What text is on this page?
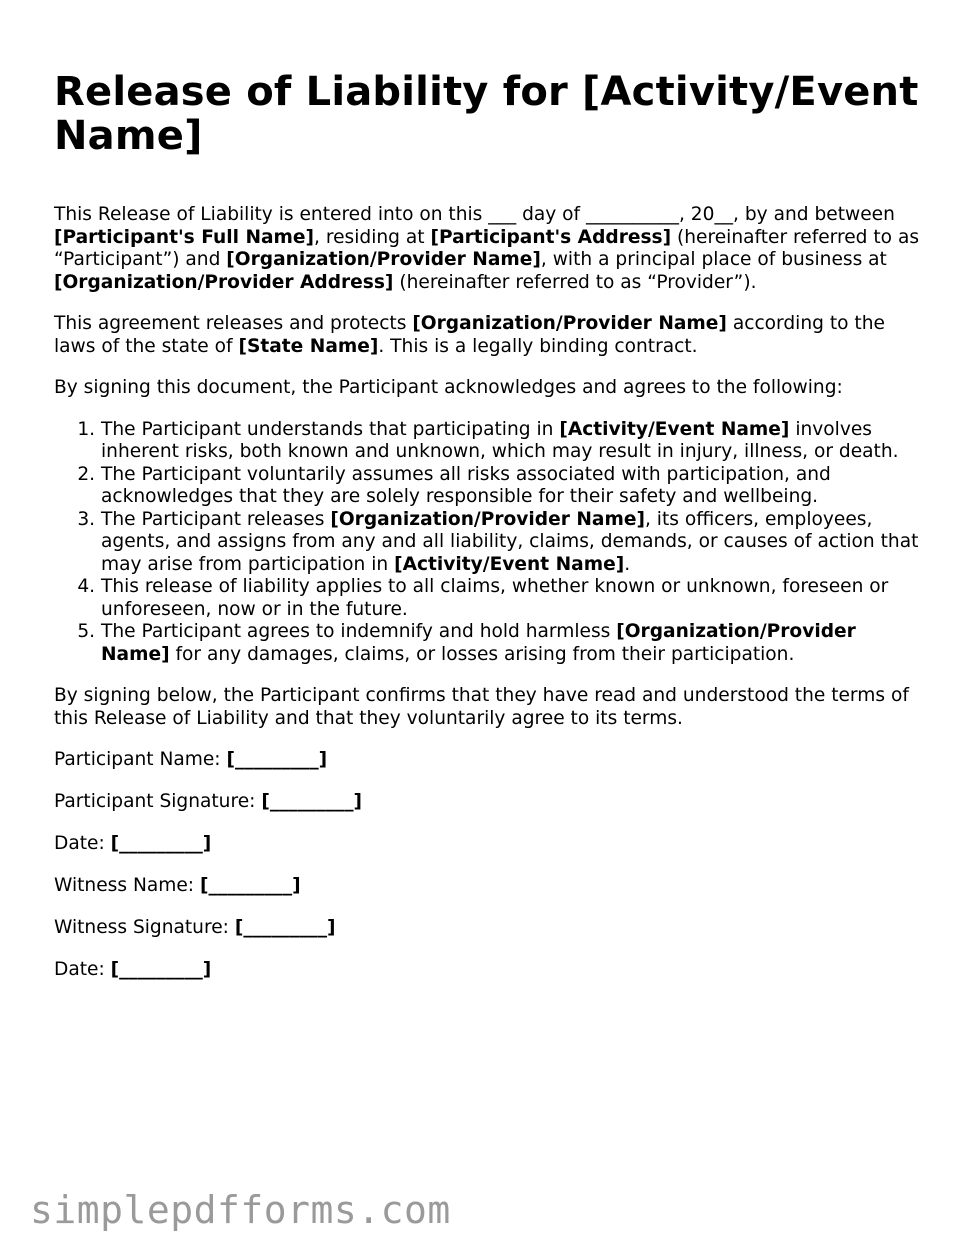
Release of Liability for [Activity/Event Name]

This Release of Liability is entered into on this ___ day of __________, 20__, by and between [Participant's Full Name], residing at [Participant's Address] (hereinafter referred to as “Participant”) and [Organization/Provider Name], with a principal place of business at [Organization/Provider Address] (hereinafter referred to as “Provider”).

This agreement releases and protects [Organization/Provider Name] according to the laws of the state of [State Name]. This is a legally binding contract.

By signing this document, the Participant acknowledges and agrees to the following:

1. The Participant understands that participating in [Activity/Event Name] involves inherent risks, both known and unknown, which may result in injury, illness, or death.
2. The Participant voluntarily assumes all risks associated with participation, and acknowledges that they are solely responsible for their safety and wellbeing.
3. The Participant releases [Organization/Provider Name], its officers, employees, agents, and assigns from any and all liability, claims, demands, or causes of action that may arise from participation in [Activity/Event Name].
4. This release of liability applies to all claims, whether known or unknown, foreseen or unforeseen, now or in the future.
5. The Participant agrees to indemnify and hold harmless [Organization/Provider Name] for any damages, claims, or losses arising from their participation.

By signing below, the Participant confirms that they have read and understood the terms of this Release of Liability and that they voluntarily agree to its terms.

Participant Name: [_________]
Participant Signature: [_________]
Date: [_________]
Witness Name: [_________]
Witness Signature: [_________]
Date: [_________]
simplepdfforms.com
